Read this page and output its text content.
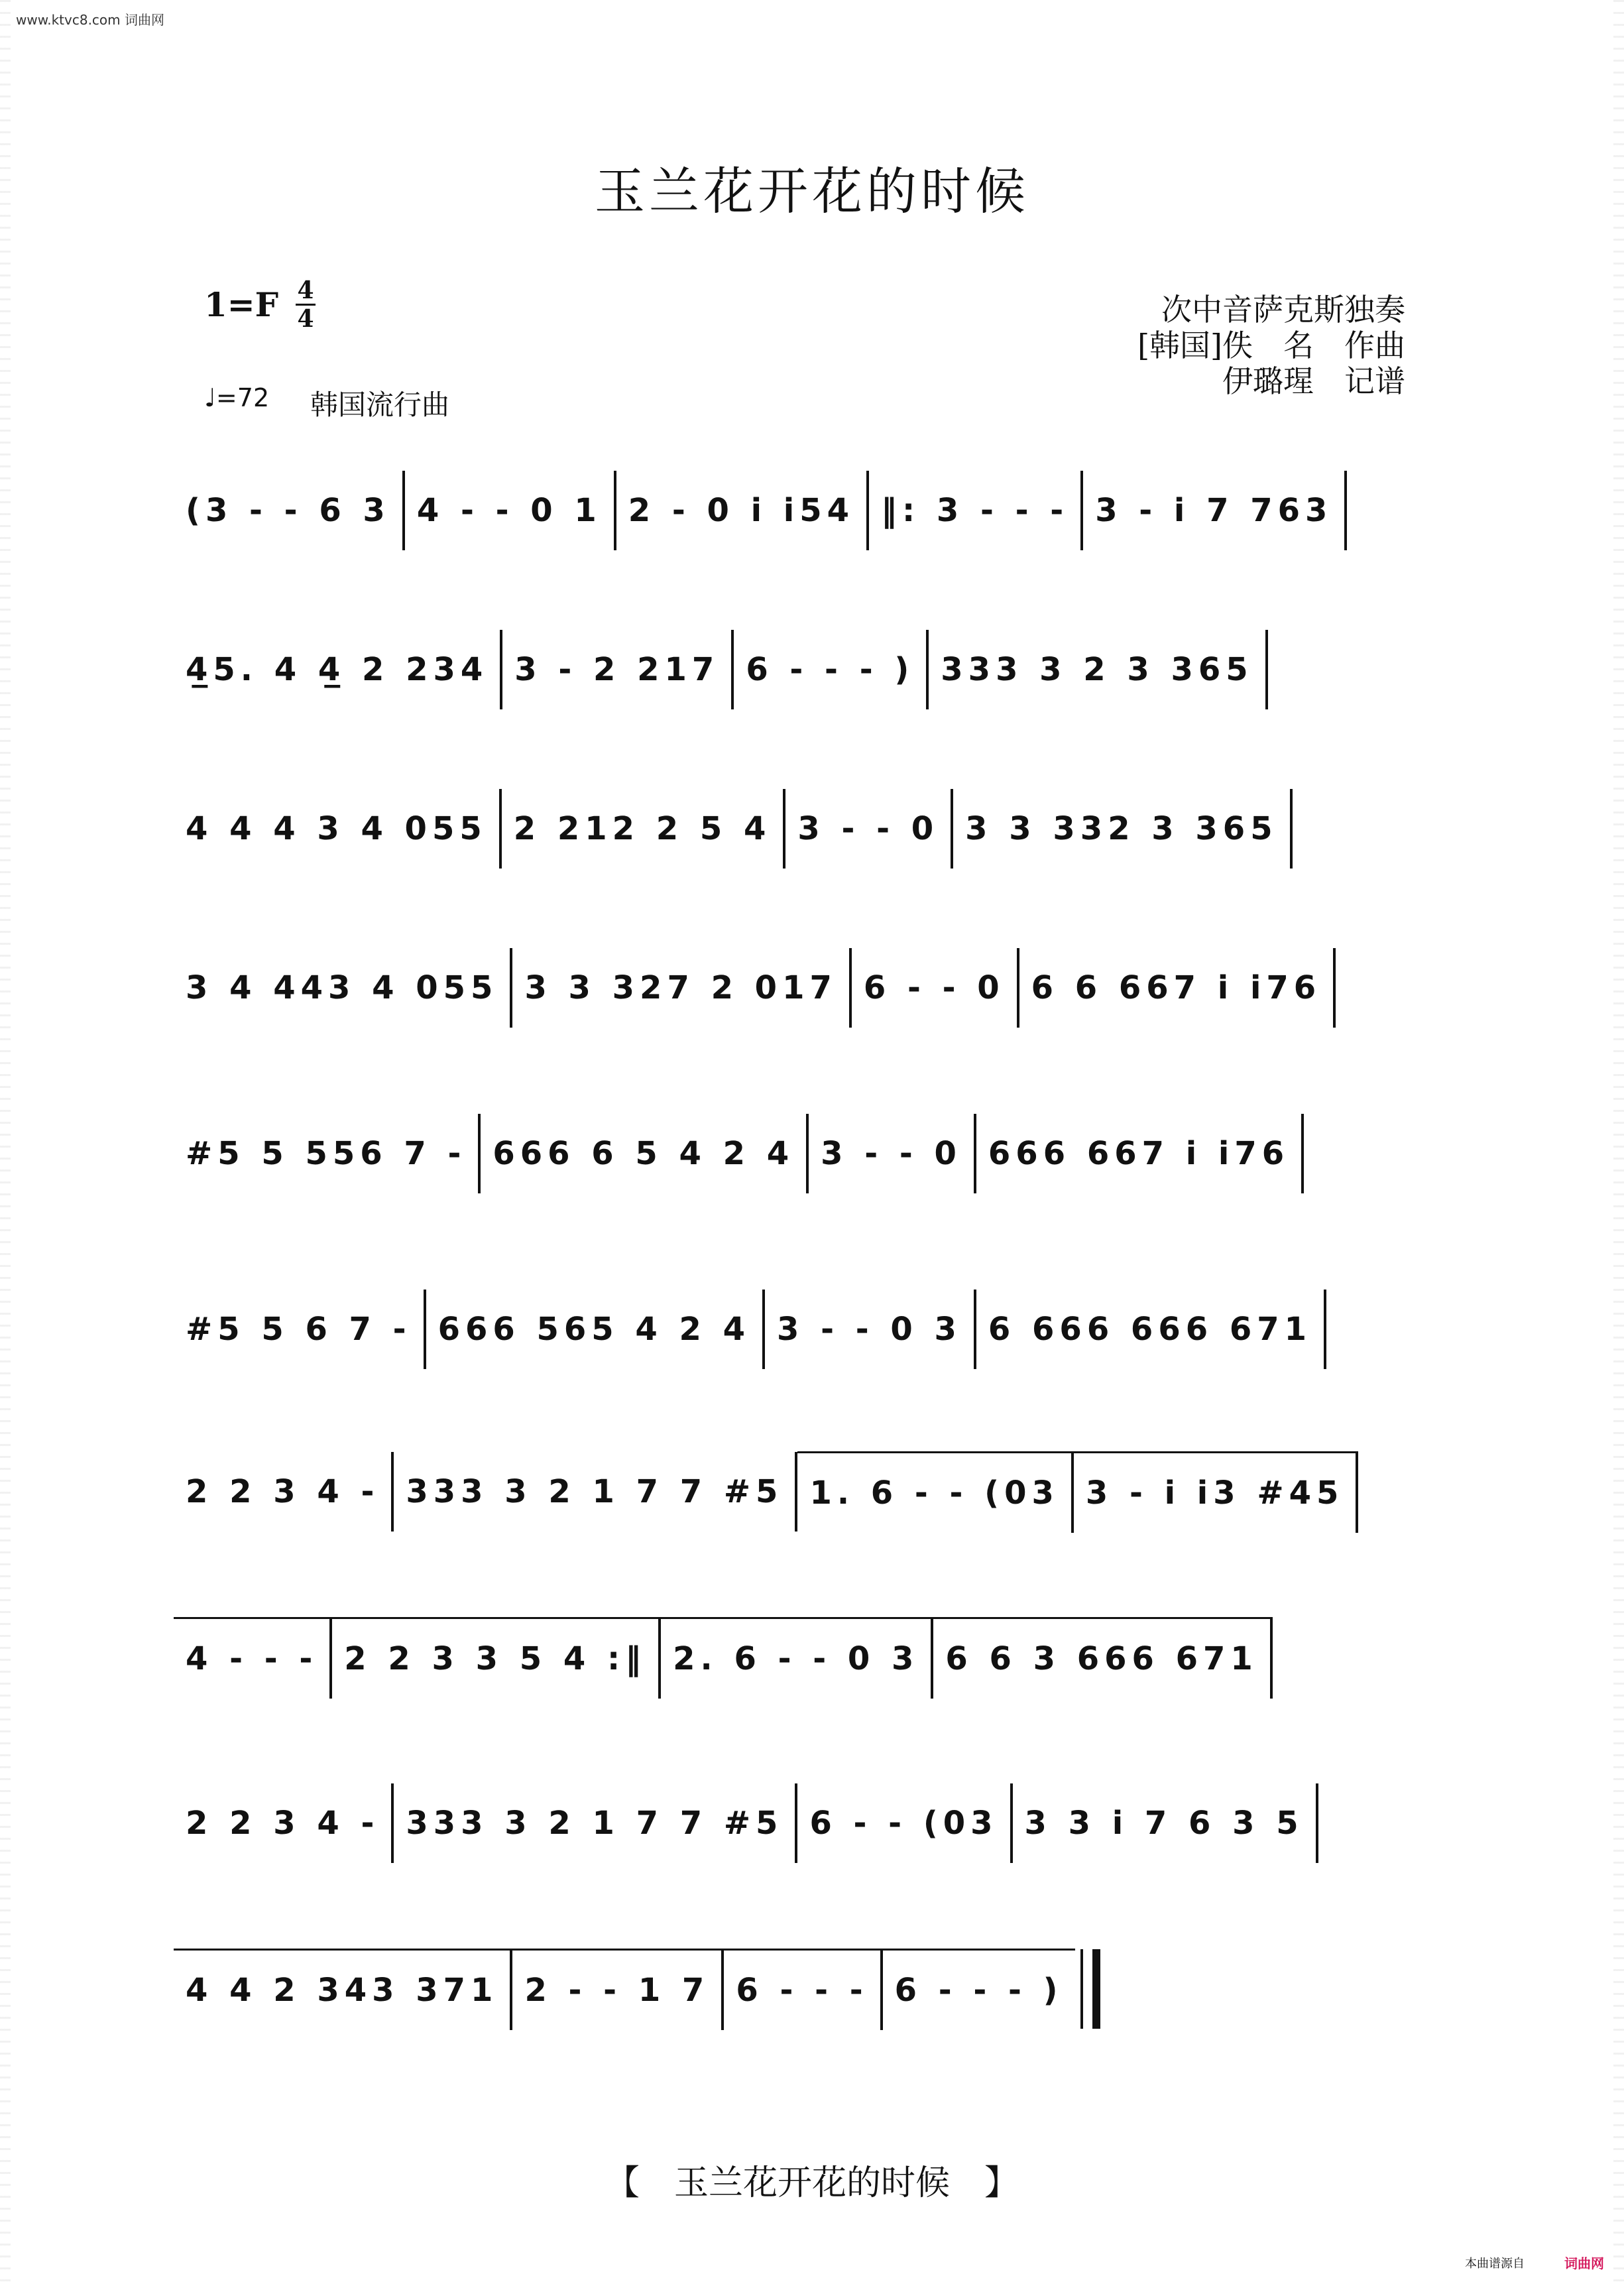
www.ktvc8.com 词曲网
玉兰花开花的时候
1=F 4
4
♩=72 韩国流行曲
次中音萨克斯独奏
[韩国]佚　名　作曲
伊璐瑆　记谱
(3 - - 6 3 4 - - 0 1 2 - 0 i i54 ‖: 3 - - - 3 - i 7 763
4̲5. 4 4̲ 2 234 3 - 2 217 6 - - - ) 333 3 2 3 365
4 4 4 3 4 055 2 212 2 5 4 3 - - 0 3 3 332 3 365
3 4 443 4 055 3 3 327 2 017 6 - - 0 6 6 667 i i76
#5 5 556 7 - 666 6 5 4 2 4 3 - - 0 666 667 i i76
#5 5 6 7 - 666 565 4 2 4 3 - - 0 3 6 666 666 671
2 2 3 4 - 333 3 2 1 7 7 #5 1. 6 - - (03 3 - i i3 #45
4 - - - 2 2 3 3 5 4 :‖ 2. 6 - - 0 3 6 6 3 666 671
2 2 3 4 - 333 3 2 1 7 7 #5 6 - - (03 3 3 i 7 6 3 5
4 4 2 343 371 2 - - 1 7 6 - - - 6 - - - )
【　玉兰花开花的时候　】
本曲谱源自	词曲网
